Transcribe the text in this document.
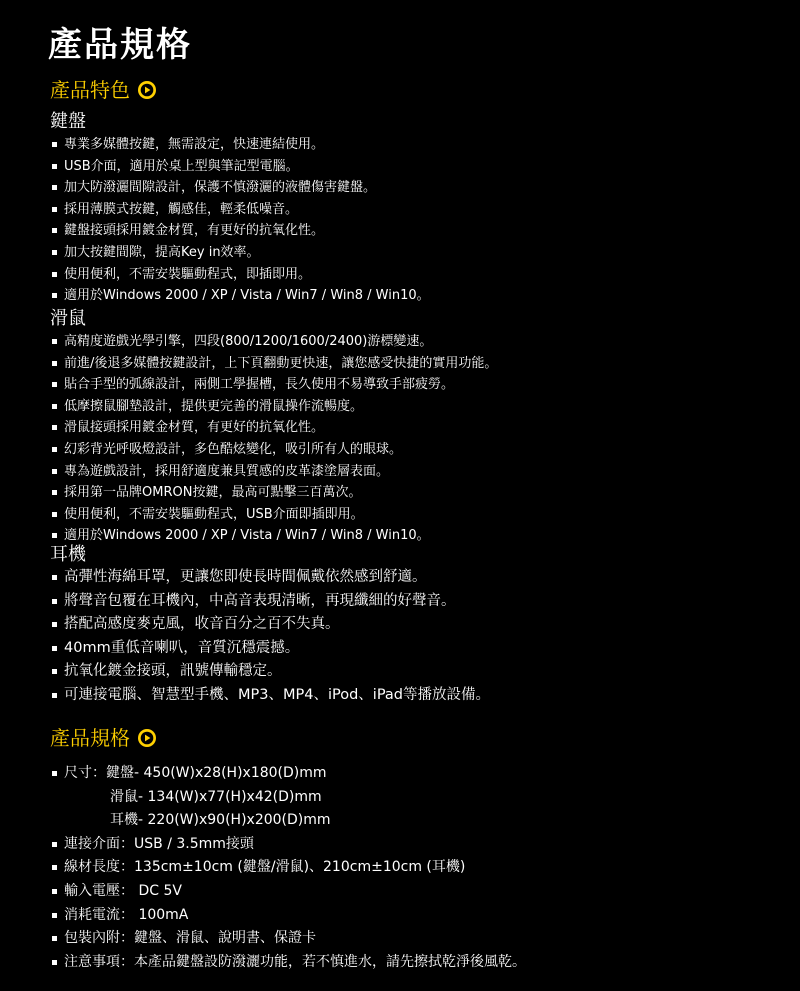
產品規格
產品特色
鍵盤
專業多媒體按鍵，無需設定，快速連結使用。
USB介面，適用於桌上型與筆記型電腦。
加大防潑灑間隙設計，保護不慎潑灑的液體傷害鍵盤。
採用薄膜式按鍵，觸感佳，輕柔低噪音。
鍵盤接頭採用鍍金材質，有更好的抗氧化性。
加大按鍵間隙，提高Key in效率。
使用便利，不需安裝驅動程式，即插即用。
適用於Windows 2000 / XP / Vista / Win7 / Win8 / Win10。
滑鼠
高精度遊戲光學引擎，四段(800/1200/1600/2400)游標變速。
前進/後退多媒體按鍵設計，上下頁翻動更快速，讓您感受快捷的實用功能。
貼合手型的弧線設計，兩側工學握槽，長久使用不易導致手部疲勞。
低摩擦鼠腳墊設計，提供更完善的滑鼠操作流暢度。
滑鼠接頭採用鍍金材質，有更好的抗氧化性。
幻彩背光呼吸燈設計，多色酷炫變化，吸引所有人的眼球。
專為遊戲設計，採用舒適度兼具質感的皮革漆塗層表面。
採用第一品牌OMRON按鍵，最高可點擊三百萬次。
使用便利，不需安裝驅動程式，USB介面即插即用。
適用於Windows 2000 / XP / Vista / Win7 / Win8 / Win10。
耳機
高彈性海綿耳罩，更讓您即使長時間佩戴依然感到舒適。
將聲音包覆在耳機內，中高音表現清晰，再現纖細的好聲音。
搭配高感度麥克風，收音百分之百不失真。
40mm重低音喇叭，音質沉穩震撼。
抗氧化鍍金接頭，訊號傳輸穩定。
可連接電腦、智慧型手機、MP3、MP4、iPod、iPad等播放設備。
產品規格
尺寸：鍵盤- 450(W)x28(H)x180(D)mm
滑鼠- 134(W)x77(H)x42(D)mm
耳機- 220(W)x90(H)x200(D)mm
連接介面：USB / 3.5mm接頭
線材長度：135cm±10cm (鍵盤/滑鼠)、210cm±10cm (耳機)
輸入電壓： DC 5V
消耗電流： 100mA
包裝內附：鍵盤、滑鼠、說明書、保證卡
注意事項：本產品鍵盤設防潑灑功能，若不慎進水，請先擦拭乾淨後風乾。
